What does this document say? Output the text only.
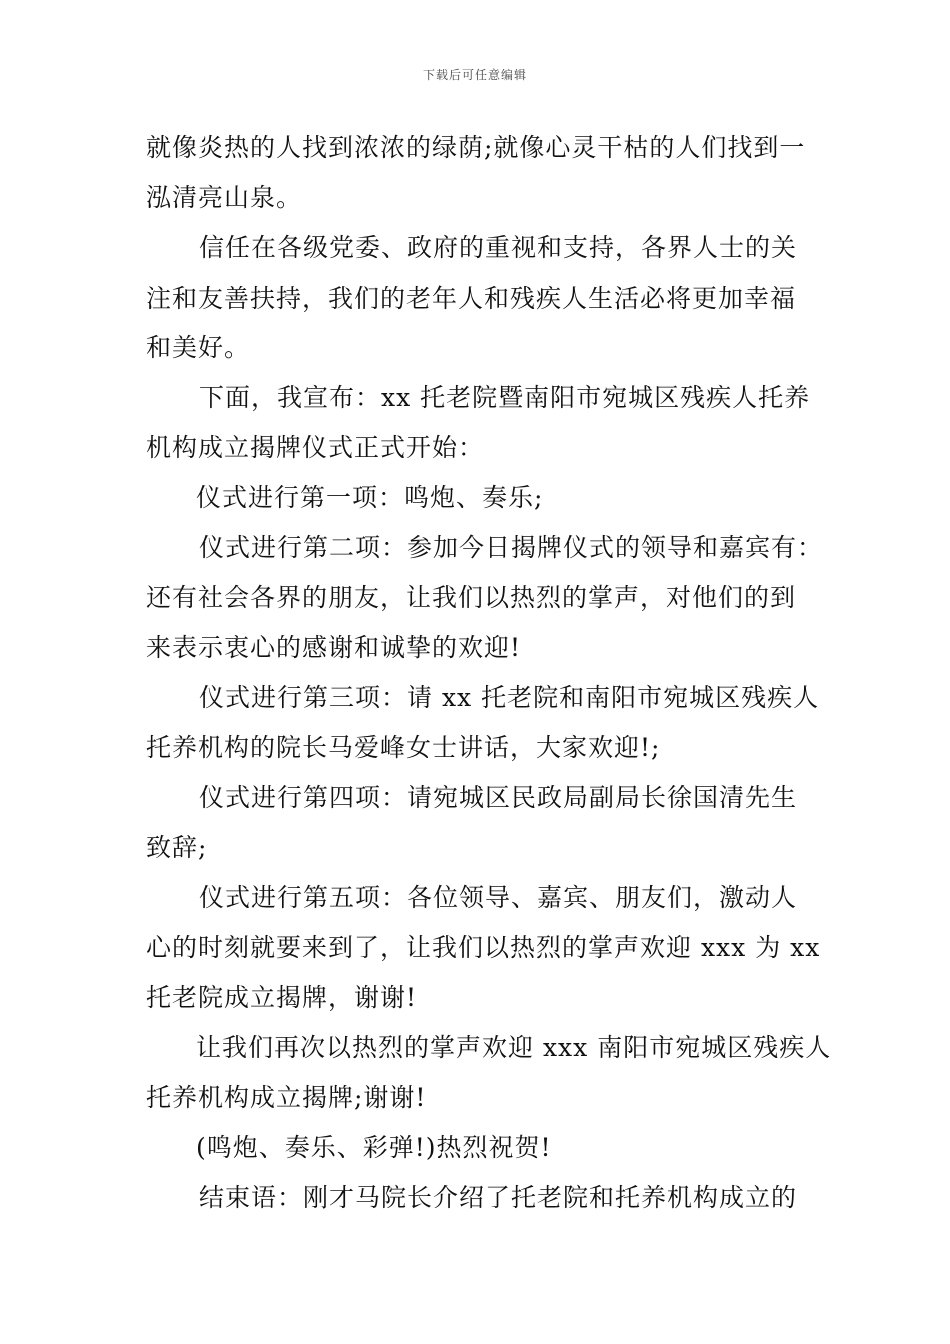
下载后可任意编辑
就像炎热的人找到浓浓的绿荫;就像心灵干枯的人们找到一
泓清亮山泉。
信任在各级党委、政府的重视和支持，各界人士的关
注和友善扶持，我们的老年人和残疾人生活必将更加幸福
和美好。
下面，我宣布：xx 托老院暨南阳市宛城区残疾人托养
机构成立揭牌仪式正式开始：
仪式进行第一项：鸣炮、奏乐;
仪式进行第二项：参加今日揭牌仪式的领导和嘉宾有：
还有社会各界的朋友，让我们以热烈的掌声，对他们的到
来表示衷心的感谢和诚挚的欢迎!
仪式进行第三项：请 xx 托老院和南阳市宛城区残疾人
托养机构的院长马爱峰女士讲话，大家欢迎!;
仪式进行第四项：请宛城区民政局副局长徐国清先生
致辞;
仪式进行第五项：各位领导、嘉宾、朋友们，激动人
心的时刻就要来到了，让我们以热烈的掌声欢迎 xxx 为 xx
托老院成立揭牌，谢谢!
让我们再次以热烈的掌声欢迎 xxx 南阳市宛城区残疾人
托养机构成立揭牌;谢谢!
(鸣炮、奏乐、彩弹!)热烈祝贺!
结束语：刚才马院长介绍了托老院和托养机构成立的
